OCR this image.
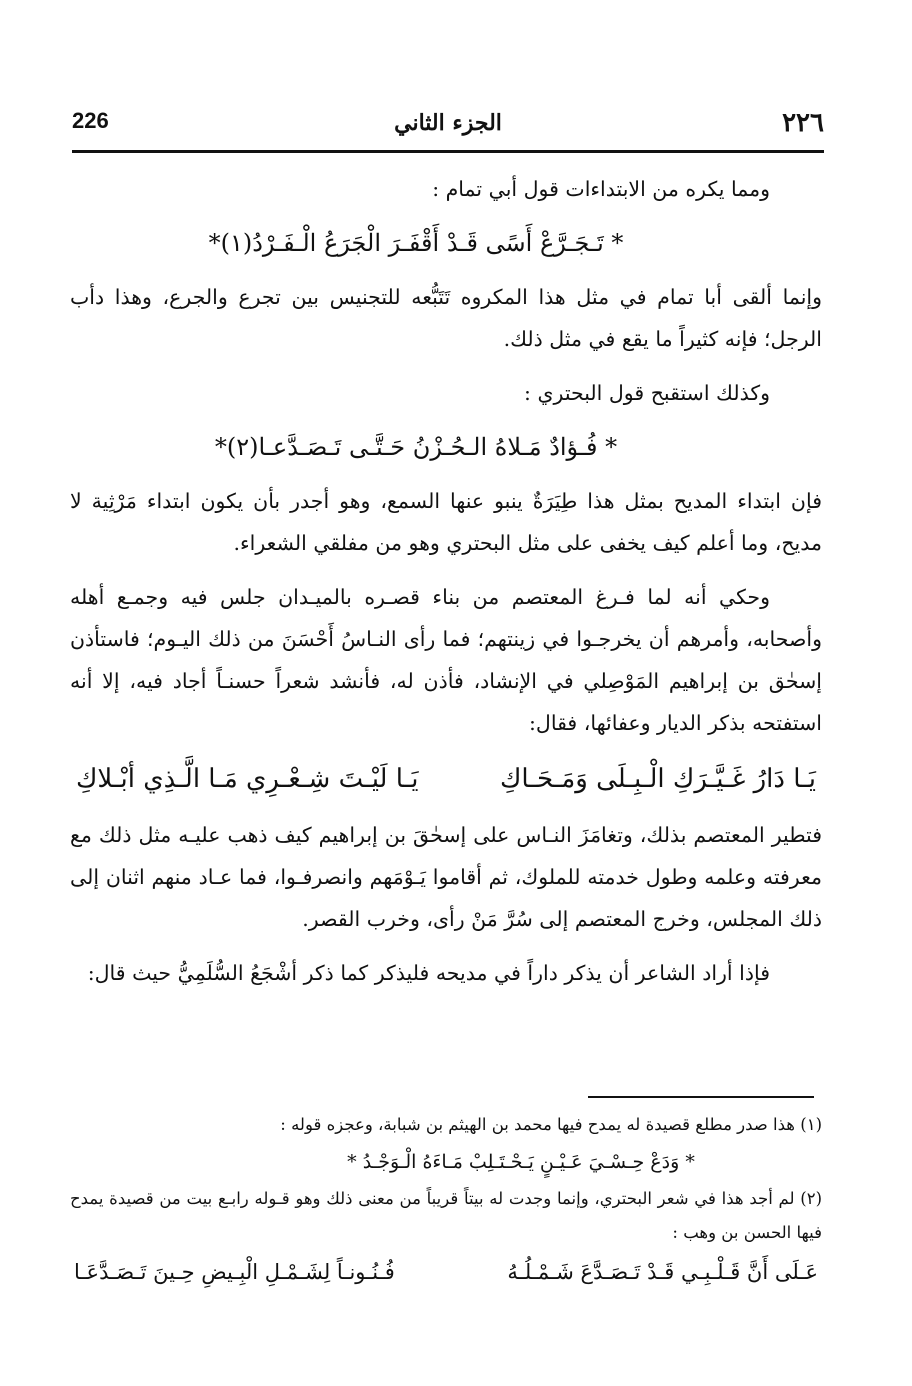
226	الجزء الثاني	٢٢٦

ومما يكره من الابتداءات قول أبي تمام :

* تَـجَـرَّعْ أَسًى قَـدْ أَقْفَـرَ الْجَرَعُ الْـفَـرْدُ(١)*

وإنما ألقى أبا تمام في مثل هذا المكروه تَتَبُّعه للتجنيس بين تجرع والجرع، وهذا دأب الرجل؛ فإنه كثيراً ما يقع في مثل ذلك.

وكذلك استقبح قول البحتري :

* فُـؤادٌ مَـلاهُ الـحُـزْنُ حَـتَّـى تَـصَـدَّعـا(٢)*

فإن ابتداء المديح بمثل هذا طِيَرَةٌ ينبو عنها السمع، وهو أجدر بأن يكون ابتداء مَرْثِية لا مديح، وما أعلم كيف يخفى على مثل البحتري وهو من مفلقي الشعراء.

وحكي أنه لما فـرغ المعتصم من بناء قصـره بالميـدان جلس فيه وجمـع أهله وأصحابه، وأمرهم أن يخرجـوا في زينتهم؛ فما رأى النـاسُ أَحْسَنَ من ذلك اليـوم؛ فاستأذن إسحٰق بن إبراهيم المَوْصِلي في الإنشاد، فأذن له، فأنشد شعراً حسنـاً أجاد فيه، إلا أنه استفتحه بذكر الديار وعفائها، فقال:

يَـا دَارُ غَـيَّـرَكِ الْـبِـلَى وَمَـحَـاكِ
يَـا لَيْـتَ شِـعْـرِي مَـا الَّـذِي أبْـلاكِ

فتطير المعتصم بذلك، وتغامَزَ النـاس على إسحٰقَ بن إبراهيم كيف ذهب عليـه مثل ذلك مع معرفته وعلمه وطول خدمته للملوك، ثم أقاموا يَـوْمَهم وانصرفـوا، فما عـاد منهم اثنان إلى ذلك المجلس، وخرج المعتصم إلى سُرَّ مَنْ رأى، وخرب القصر.

فإذا أراد الشاعر أن يذكر داراً في مديحه فليذكر كما ذكر أشْجَعُ السُّلَمِيُّ حيث قال:

(١) هذا صدر مطلع قصيدة له يمدح فيها محمد بن الهيثم بن شبابة، وعجزه قوله :

* وَدَعْ حِـسْـيَ عَـيْـنٍ يَـحْـتَـلِبْ مَـاءَهُ الْـوَجْـدُ *

(٢) لم أجد هذا في شعر البحتري، وإنما وجدت له بيتاً قريباً من معنى ذلك وهو قـوله رابـع بيت من قصيدة يمدح فيها الحسن بن وهب :

عَـلَى أَنَّ قَـلْـبِـي قَـدْ تَـصَـدَّعَ شَـمْـلُـهُ
فُـنُـونـاً لِشَـمْـلِ الْبِـيضِ حِـينَ تَـصَـدَّعَـا
